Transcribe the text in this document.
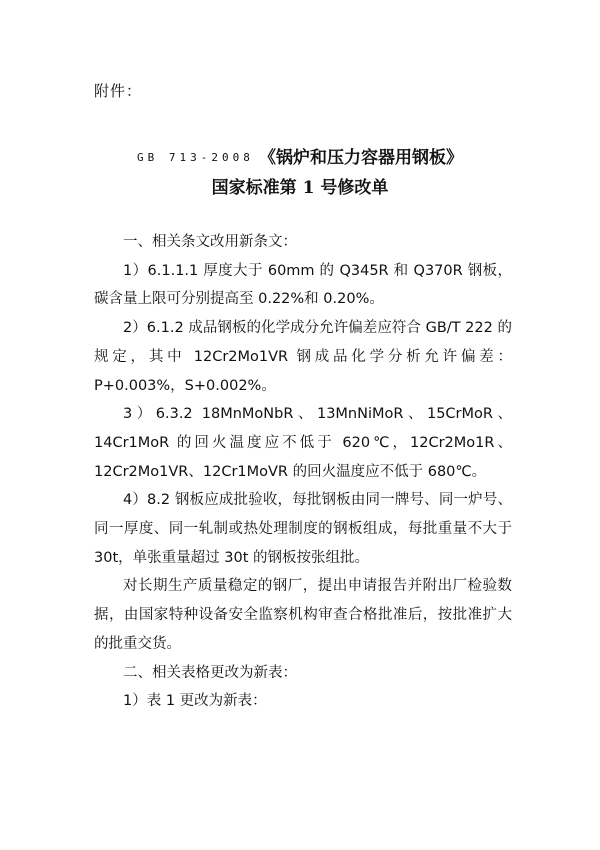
附件：
GB 713-2008 《锅炉和压力容器用钢板》
国家标准第 1 号修改单

一、相关条文改用新条文：

1）6.1.1.1 厚度大于 60mm 的 Q345R 和 Q370R 钢板，碳含量上限可分别提高至 0.22%和 0.20%。

2）6.1.2 成品钢板的化学成分允许偏差应符合 GB/T 222 的规定，其中 12Cr2Mo1VR 钢成品化学分析允许偏差：P+0.003%，S+0.002%。

3）6.3.2 18MnMoNbR、13MnNiMoR、15CrMoR、14Cr1MoR 的回火温度应不低于 620℃，12Cr2Mo1R、12Cr2Mo1VR、12Cr1MoVR 的回火温度应不低于 680℃。

4）8.2 钢板应成批验收，每批钢板由同一牌号、同一炉号、同一厚度、同一轧制或热处理制度的钢板组成，每批重量不大于 30t，单张重量超过 30t 的钢板按张组批。

对长期生产质量稳定的钢厂，提出申请报告并附出厂检验数据，由国家特种设备安全监察机构审查合格批准后，按批准扩大的批重交货。

二、相关表格更改为新表：

1）表 1 更改为新表：
